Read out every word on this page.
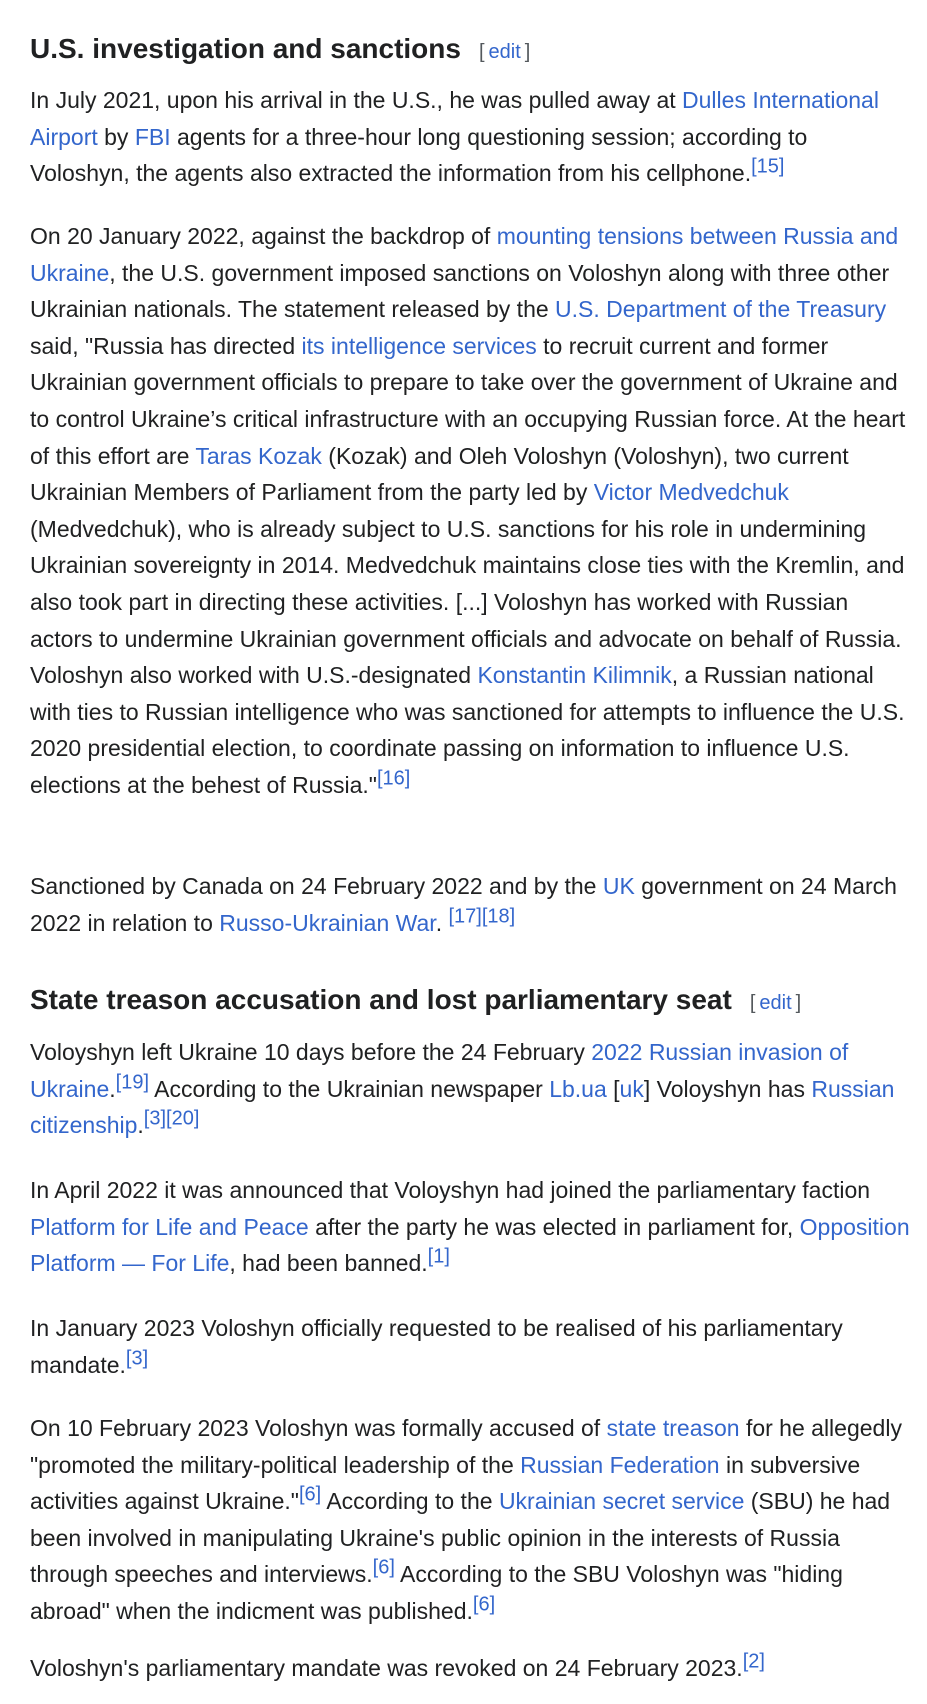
U.S. investigation and sanctions [ edit ]

In July 2021, upon his arrival in the U.S., he was pulled away at Dulles International Airport by FBI agents for a three-hour long questioning session; according to Voloshyn, the agents also extracted the information from his cellphone.[15]

On 20 January 2022, against the backdrop of mounting tensions between Russia and Ukraine, the U.S. government imposed sanctions on Voloshyn along with three other Ukrainian nationals. The statement released by the U.S. Department of the Treasury said, "Russia has directed its intelligence services to recruit current and former Ukrainian government officials to prepare to take over the government of Ukraine and to control Ukraine’s critical infrastructure with an occupying Russian force. At the heart of this effort are Taras Kozak (Kozak) and Oleh Voloshyn (Voloshyn), two current Ukrainian Members of Parliament from the party led by Victor Medvedchuk (Medvedchuk), who is already subject to U.S. sanctions for his role in undermining Ukrainian sovereignty in 2014. Medvedchuk maintains close ties with the Kremlin, and also took part in directing these activities. [...] Voloshyn has worked with Russian actors to undermine Ukrainian government officials and advocate on behalf of Russia. Voloshyn also worked with U.S.-designated Konstantin Kilimnik, a Russian national with ties to Russian intelligence who was sanctioned for attempts to influence the U.S. 2020 presidential election, to coordinate passing on information to influence U.S. elections at the behest of Russia."[16]

Sanctioned by Canada on 24 February 2022 and by the UK government on 24 March 2022 in relation to Russo-Ukrainian War. [17][18]

State treason accusation and lost parliamentary seat [ edit ]

Voloyshyn left Ukraine 10 days before the 24 February 2022 Russian invasion of Ukraine.[19] According to the Ukrainian newspaper Lb.ua [uk] Voloyshyn has Russian citizenship.[3][20]

In April 2022 it was announced that Voloyshyn had joined the parliamentary faction Platform for Life and Peace after the party he was elected in parliament for, Opposition Platform — For Life, had been banned.[1]

In January 2023 Voloshyn officially requested to be realised of his parliamentary mandate.[3]

On 10 February 2023 Voloshyn was formally accused of state treason for he allegedly "promoted the military-political leadership of the Russian Federation in subversive activities against Ukraine."[6] According to the Ukrainian secret service (SBU) he had been involved in manipulating Ukraine's public opinion in the interests of Russia through speeches and interviews.[6] According to the SBU Voloshyn was "hiding abroad" when the indicment was published.[6]

Voloshyn's parliamentary mandate was revoked on 24 February 2023.[2]
